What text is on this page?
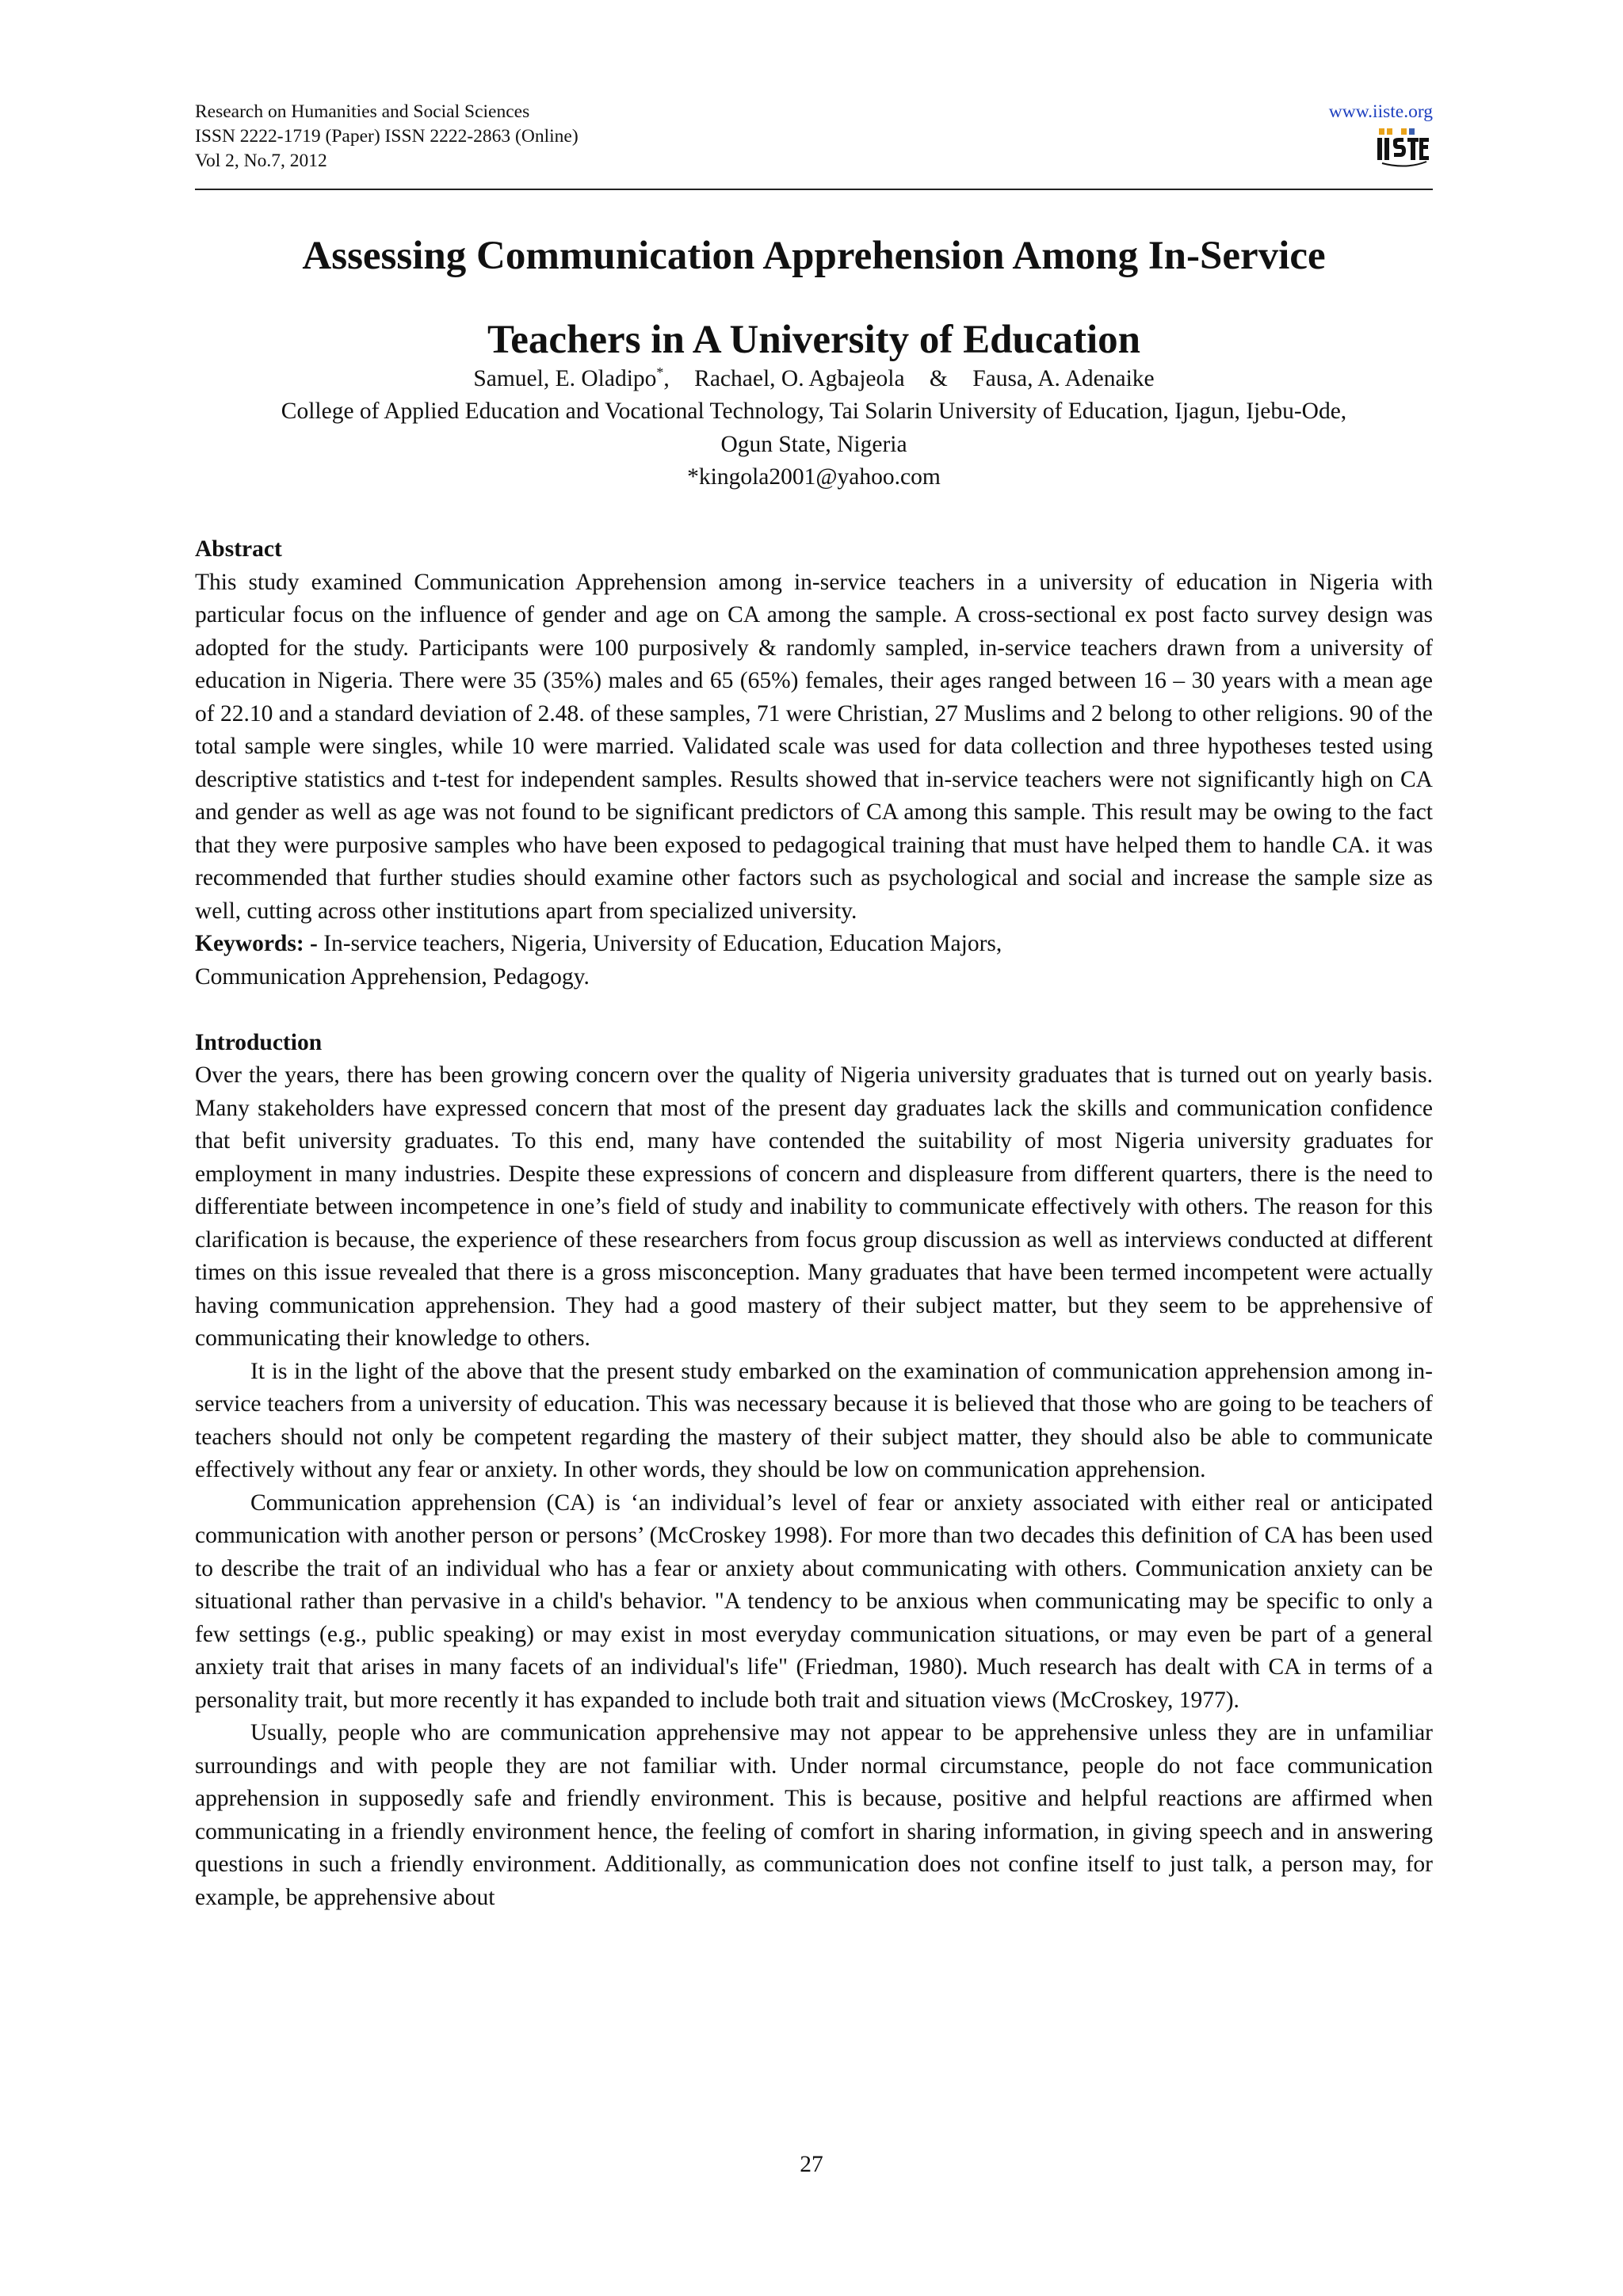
Research on Humanities and Social Sciences
ISSN 2222-1719 (Paper) ISSN 2222-2863 (Online)
Vol 2, No.7, 2012
www.iiste.org
Assessing Communication Apprehension Among In-Service
Teachers in A University of Education
Samuel, E. Oladipo*, Rachael, O. Agbajeola & Fausa, A. Adenaike
College of Applied Education and Vocational Technology, Tai Solarin University of Education, Ijagun, Ijebu-Ode,
Ogun State, Nigeria
*kingola2001@yahoo.com

Abstract

This study examined Communication Apprehension among in-service teachers in a university of education in Nigeria with particular focus on the influence of gender and age on CA among the sample. A cross-sectional ex post facto survey design was adopted for the study. Participants were 100 purposively & randomly sampled, in-service teachers drawn from a university of education in Nigeria. There were 35 (35%) males and 65 (65%) females, their ages ranged between 16 – 30 years with a mean age of 22.10 and a standard deviation of 2.48. of these samples, 71 were Christian, 27 Muslims and 2 belong to other religions. 90 of the total sample were singles, while 10 were married. Validated scale was used for data collection and three hypotheses tested using descriptive statistics and t-test for independent samples. Results showed that in-service teachers were not significantly high on CA and gender as well as age was not found to be significant predictors of CA among this sample. This result may be owing to the fact that they were purposive samples who have been exposed to pedagogical training that must have helped them to handle CA. it was recommended that further studies should examine other factors such as psychological and social and increase the sample size as well, cutting across other institutions apart from specialized university.

Keywords: - In-service teachers, Nigeria, University of Education, Education Majors,

Communication Apprehension, Pedagogy.

Introduction

Over the years, there has been growing concern over the quality of Nigeria university graduates that is turned out on yearly basis. Many stakeholders have expressed concern that most of the present day graduates lack the skills and communication confidence that befit university graduates. To this end, many have contended the suitability of most Nigeria university graduates for employment in many industries. Despite these expressions of concern and displeasure from different quarters, there is the need to differentiate between incompetence in one’s field of study and inability to communicate effectively with others. The reason for this clarification is because, the experience of these researchers from focus group discussion as well as interviews conducted at different times on this issue revealed that there is a gross misconception. Many graduates that have been termed incompetent were actually having communication apprehension. They had a good mastery of their subject matter, but they seem to be apprehensive of communicating their knowledge to others.

It is in the light of the above that the present study embarked on the examination of communication apprehension among in-service teachers from a university of education. This was necessary because it is believed that those who are going to be teachers of teachers should not only be competent regarding the mastery of their subject matter, they should also be able to communicate effectively without any fear or anxiety. In other words, they should be low on communication apprehension.

Communication apprehension (CA) is ‘an individual’s level of fear or anxiety associated with either real or anticipated communication with another person or persons’ (McCroskey 1998). For more than two decades this definition of CA has been used to describe the trait of an individual who has a fear or anxiety about communicating with others. Communication anxiety can be situational rather than pervasive in a child's behavior. "A tendency to be anxious when communicating may be specific to only a few settings (e.g., public speaking) or may exist in most everyday communication situations, or may even be part of a general anxiety trait that arises in many facets of an individual's life" (Friedman, 1980). Much research has dealt with CA in terms of a personality trait, but more recently it has expanded to include both trait and situation views (McCroskey, 1977).

Usually, people who are communication apprehensive may not appear to be apprehensive unless they are in unfamiliar surroundings and with people they are not familiar with. Under normal circumstance, people do not face communication apprehension in supposedly safe and friendly environment. This is because, positive and helpful reactions are affirmed when communicating in a friendly environment hence, the feeling of comfort in sharing information, in giving speech and in answering questions in such a friendly environment. Additionally, as communication does not confine itself to just talk, a person may, for example, be apprehensive about

27
